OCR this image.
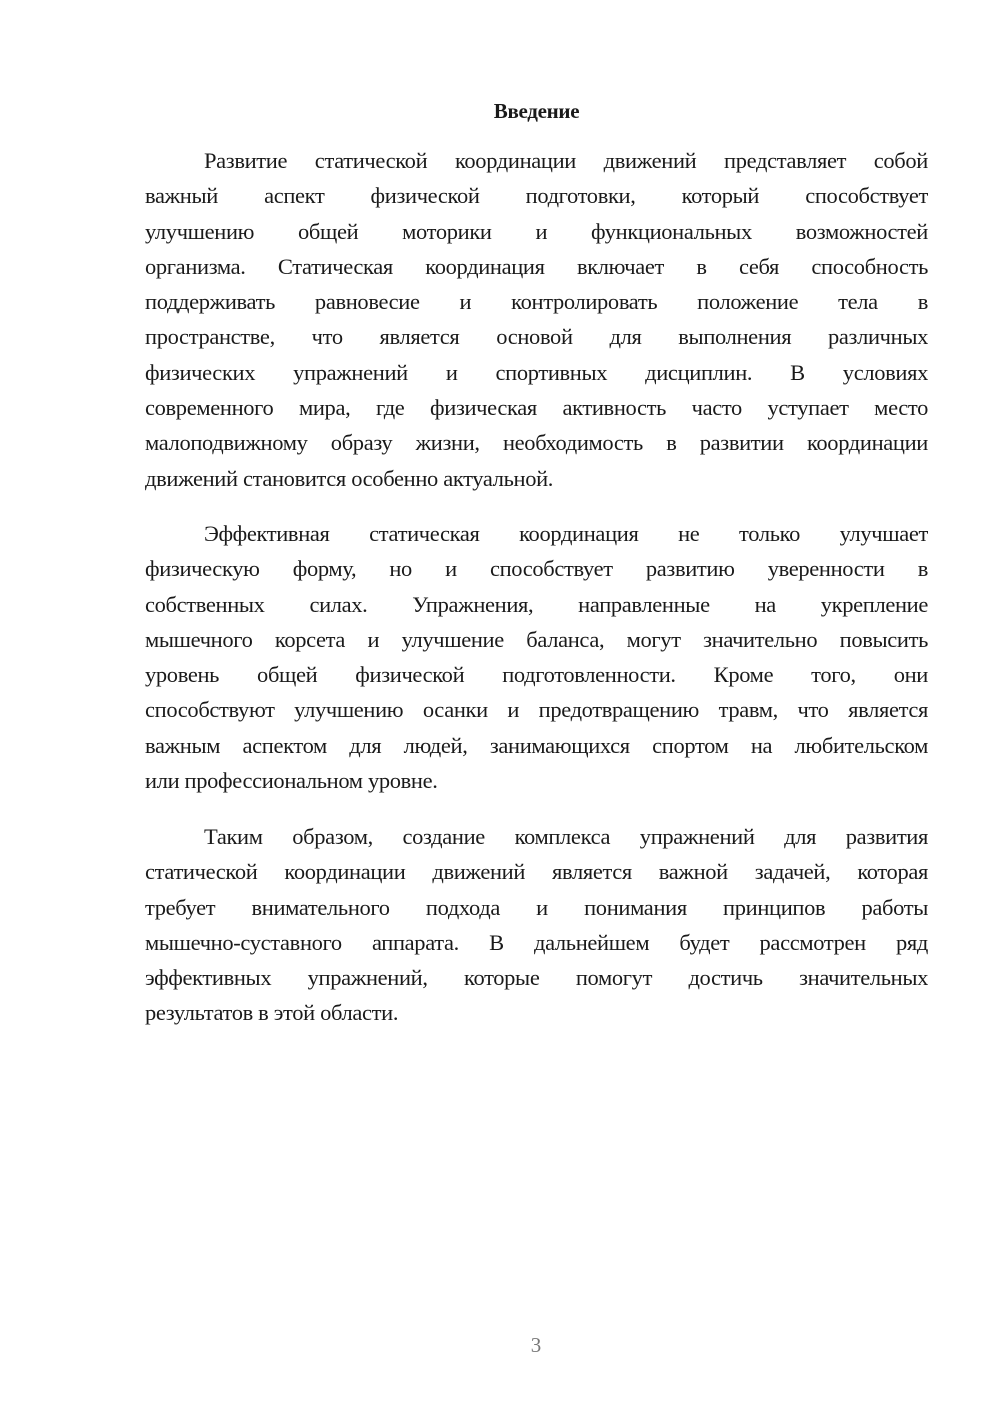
Введение

Развитие статической координации движений представляет собой
важный аспект физической подготовки, который способствует
улучшению общей моторики и функциональных возможностей
организма. Статическая координация включает в себя способность
поддерживать равновесие и контролировать положение тела в
пространстве, что является основой для выполнения различных
физических упражнений и спортивных дисциплин. В условиях
современного мира, где физическая активность часто уступает место
малоподвижному образу жизни, необходимость в развитии координации
движений становится особенно актуальной.

Эффективная статическая координация не только улучшает
физическую форму, но и способствует развитию уверенности в
собственных силах. Упражнения, направленные на укрепление
мышечного корсета и улучшение баланса, могут значительно повысить
уровень общей физической подготовленности. Кроме того, они
способствуют улучшению осанки и предотвращению травм, что является
важным аспектом для людей, занимающихся спортом на любительском
или профессиональном уровне.

Таким образом, создание комплекса упражнений для развития
статической координации движений является важной задачей, которая
требует внимательного подхода и понимания принципов работы
мышечно-суставного аппарата. В дальнейшем будет рассмотрен ряд
эффективных упражнений, которые помогут достичь значительных
результатов в этой области.

3
